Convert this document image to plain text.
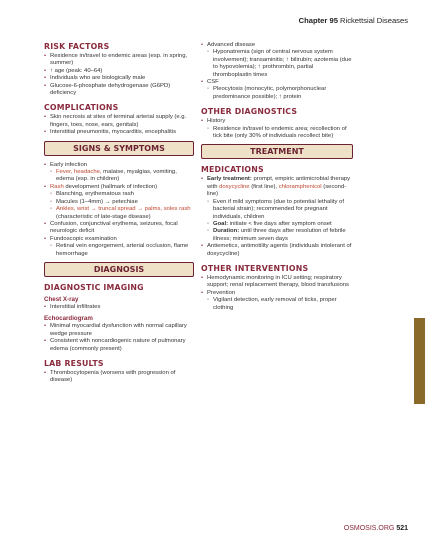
Chapter 95 Rickettsial Diseases
RISK FACTORS
• Residence in/travel to endemic areas (esp. in spring, summer)
• ↑ age (peak: 40–64)
• Individuals who are biologically male
• Glucose-6-phosphate dehydrogenase (G6PD) deficiency
COMPLICATIONS
• Skin necrosis at sites of terminal arterial supply (e.g. fingers, toes, nose, ears, genitals)
• Interstitial pneumonitis, myocarditis, encephalitis
SIGNS & SYMPTOMS
• Early infection
◦ Fever, headache, malaise, myalgias, vomiting, edema (esp. in children)
• Rash development (hallmark of infection)
◦ Blanching, erythematous rash
◦ Macules (1–4mm) → petechiae
◦ Ankles, wrist → truncal spread → palms, soles rash (characteristic of late-stage disease)
• Confusion, conjunctival erythema, seizures, focal neurologic deficit
• Fundoscopic examination
◦ Retinal vein engorgement, arterial occlusion, flame hemorrhage
DIAGNOSIS
DIAGNOSTIC IMAGING
Chest X-ray
• Interstitial infiltrates
Echocardiogram
• Minimal myocardial dysfunction with normal capillary wedge pressure
• Consistent with noncardiogenic nature of pulmonary edema (commonly present)
LAB RESULTS
• Thrombocytopenia (worsens with progression of disease)
• Advanced disease
◦ Hyponatremia (sign of central nervous system involvement); transaminitis; ↑ bilirubin; azotemia (due to hypovolemia); ↑ prothrombin, partial thromboplastin times
• CSF
◦ Pleocytosis (monocytic, polymorphonuclear predominance possible); ↑ protein
OTHER DIAGNOSTICS
• History
◦ Residence in/travel to endemic area; recollection of tick bite (only 30% of individuals recollect bite)
TREATMENT
MEDICATIONS
• Early treatment: prompt, empiric antimicrobial therapy with doxycycline (first line), chloramphenicol (second-line)
◦ Even if mild symptoms (due to potential lethality of bacterial strain); recommended for pregnant individuals, children
◦ Goal: initiate < five days after symptom onset
◦ Duration: until three days after resolution of febrile illness; minimum seven days
• Antiemetics, antimotility agents (individuals intolerant of doxycycline)
OTHER INTERVENTIONS
• Hemodynamic monitoring in ICU setting; respiratory support; renal replacement therapy, blood transfusions
• Prevention
◦ Vigilant detection, early removal of ticks, proper clothing
OSMOSIS.ORG 521
